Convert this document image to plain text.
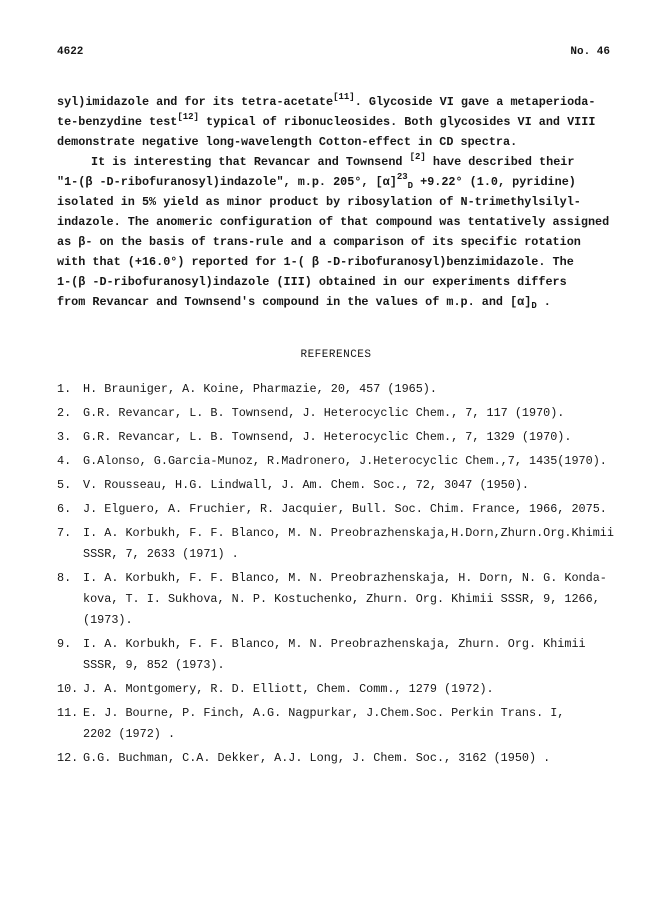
4622	No. 46
syl)imidazole and for its tetra-acetate[11]. Glycoside VI gave a metaperioda-
te-benzydine test[12] typical of ribonucleosides. Both glycosides VI and VIII
demonstrate negative long-wavelength Cotton-effect in CD spectra.
It is interesting that Revancar and Townsend [2] have described their
"1-(β -D-ribofuranosyl)indazole", m.p. 205°, $[\alpha]^{23}_D +9.22^\circ$ (1.0, pyridine)
isolated in 5% yield as minor product by ribosylation of N-trimethylsilyl-
indazole. The anomeric configuration of that compound was tentatively assigned
as β- on the basis of trans-rule and a comparison of its specific rotation
with that (+16.0°) reported for 1-( β -D-ribofuranosyl)benzimidazole. The
1-(β -D-ribofuranosyl)indazole (III) obtained in our experiments differs
from Revancar and Townsend's compound in the values of m.p. and $[\alpha]_D$ .
REFERENCES
1.	H. Brauniger, A. Koine, Pharmazie, 20, 457 (1965).
2.	G.R. Revancar, L. B. Townsend, J. Heterocyclic Chem., 7, 117 (1970).
3.	G.R. Revancar, L. B. Townsend, J. Heterocyclic Chem., 7, 1329 (1970).
4.	G.Alonso, G.Garcia-Munoz, R.Madronero, J.Heterocyclic Chem.,7, 1435(1970).
5.	V. Rousseau, H.G. Lindwall, J. Am. Chem. Soc., 72, 3047 (1950).
6.	J. Elguero, A. Fruchier, R. Jacquier, Bull. Soc. Chim. France, 1966, 2075.
7.	I. A. Korbukh, F. F. Blanco, M. N. Preobrazhenskaja,H.Dorn,Zhurn.Org.Khimii
SSSR, 7, 2633 (1971) .
8.	I. A. Korbukh, F. F. Blanco, M. N. Preobrazhenskaja, H. Dorn, N. G. Konda-
kova, T. I. Sukhova, N. P. Kostuchenko, Zhurn. Org. Khimii SSSR, 9, 1266,
(1973).
9.	I. A. Korbukh, F. F. Blanco, M. N. Preobrazhenskaja, Zhurn. Org. Khimii
SSSR, 9, 852 (1973).
10. J. A. Montgomery, R. D. Elliott, Chem. Comm., 1279 (1972).
11. E. J. Bourne, P. Finch, A.G. Nagpurkar, J.Chem.Soc. Perkin Trans. I,
2202 (1972) .
12. G.G. Buchman, C.A. Dekker, A.J. Long, J. Chem. Soc., 3162 (1950) .
